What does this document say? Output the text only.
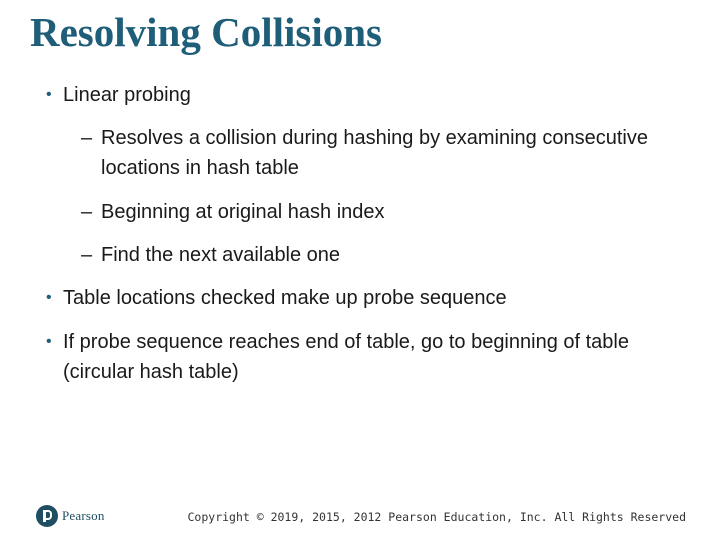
Resolving Collisions
• Linear probing
– Resolves a collision during hashing by examining consecutive locations in hash table
– Beginning at original hash index
– Find the next available one
• Table locations checked make up probe sequence
• If probe sequence reaches end of table, go to beginning of table (circular hash table)
Pearson	Copyright © 2019, 2015, 2012 Pearson Education, Inc. All Rights Reserved
